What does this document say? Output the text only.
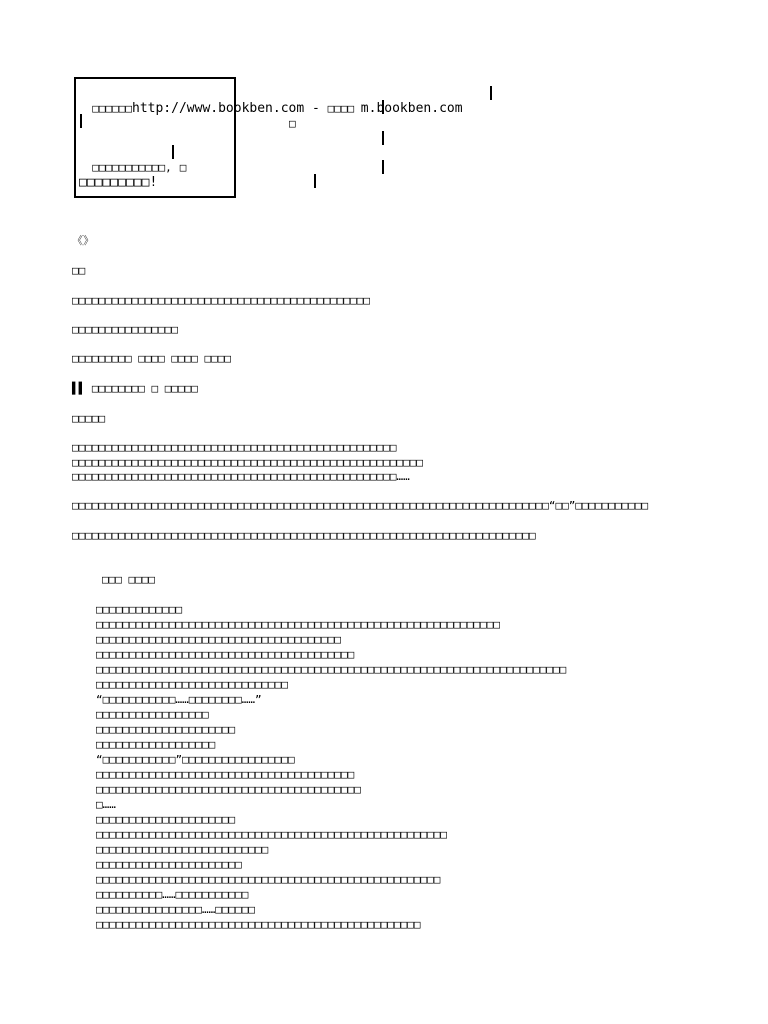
□□□□□□http://www.bookben.com - □□□□ m.bookben.com

□

□□□□□□□□□□□, □

□□□□□□□□□!
《》
□□
□□□□□□□□□□□□□□□□□□□□□□□□□□□□□□□□□□□□□□□□□□□□□
□□□□□□□□□□□□□□□□
□□□□□□□□□ □□□□ □□□□ □□□□
▌▌ □□□□□□□□ □ □□□□□
□□□□□
□□□□□□□□□□□□□□□□□□□□□□□□□□□□□□□□□□□□□□□□□□□□□□□□□
□□□□□□□□□□□□□□□□□□□□□□□□□□□□□□□□□□□□□□□□□□□□□□□□□□□□□
□□□□□□□□□□□□□□□□□□□□□□□□□□□□□□□□□□□□□□□□□□□□□□□□□……
□□□□□□□□□□□□□□□□□□□□□□□□□□□□□□□□□□□□□□□□□□□□□□□□□□□□□□□□□□□□□□□□□□□□□□□□“□□”□□□□□□□□□□□
□□□□□□□□□□□□□□□□□□□□□□□□□□□□□□□□□□□□□□□□□□□□□□□□□□□□□□□□□□□□□□□□□□□□□□
□□□ □□□□
□□□□□□□□□□□□□
□□□□□□□□□□□□□□□□□□□□□□□□□□□□□□□□□□□□□□□□□□□□□□□□□□□□□□□□□□□□□
□□□□□□□□□□□□□□□□□□□□□□□□□□□□□□□□□□□□□
□□□□□□□□□□□□□□□□□□□□□□□□□□□□□□□□□□□□□□□
□□□□□□□□□□□□□□□□□□□□□□□□□□□□□□□□□□□□□□□□□□□□□□□□□□□□□□□□□□□□□□□□□□□□□□□
□□□□□□□□□□□□□□□□□□□□□□□□□□□□□
“□□□□□□□□□□□……□□□□□□□□……”
□□□□□□□□□□□□□□□□□
□□□□□□□□□□□□□□□□□□□□□
□□□□□□□□□□□□□□□□□□
“□□□□□□□□□□□”□□□□□□□□□□□□□□□□□
□□□□□□□□□□□□□□□□□□□□□□□□□□□□□□□□□□□□□□□
□□□□□□□□□□□□□□□□□□□□□□□□□□□□□□□□□□□□□□□□
□……
□□□□□□□□□□□□□□□□□□□□□
□□□□□□□□□□□□□□□□□□□□□□□□□□□□□□□□□□□□□□□□□□□□□□□□□□□□□
□□□□□□□□□□□□□□□□□□□□□□□□□□
□□□□□□□□□□□□□□□□□□□□□□
□□□□□□□□□□□□□□□□□□□□□□□□□□□□□□□□□□□□□□□□□□□□□□□□□□□□
□□□□□□□□□□……□□□□□□□□□□□
□□□□□□□□□□□□□□□□……□□□□□□
□□□□□□□□□□□□□□□□□□□□□□□□□□□□□□□□□□□□□□□□□□□□□□□□□
